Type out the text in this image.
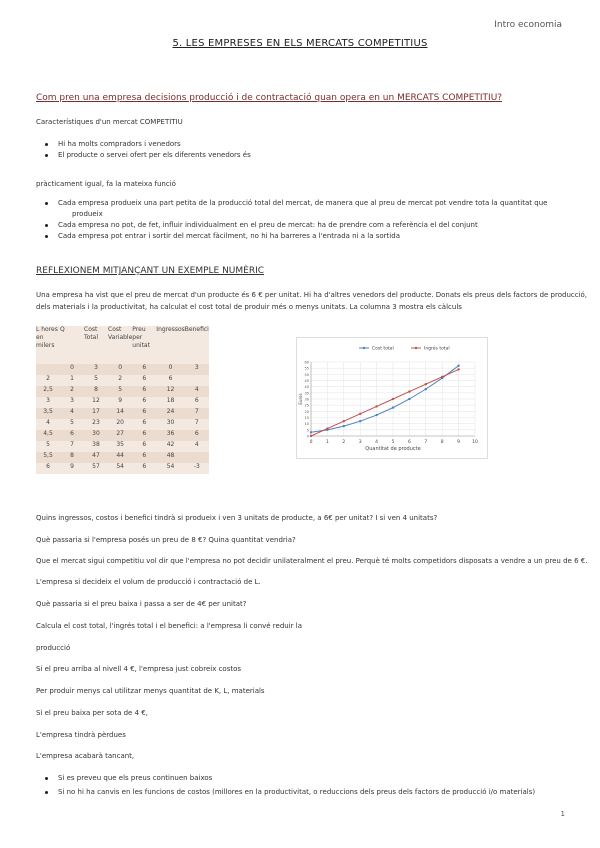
Intro economia
5. LES EMPRESES EN ELS MERCATS COMPETITIUS
Com pren una empresa decisions producció i de contractació quan opera en un MERCATS COMPETITIU?
Característiques d'un mercat COMPETITIU
Hi ha molts compradors i venedors
El producte o servei ofert per els diferents venedors és
pràcticament igual, fa la mateixa funció
Cada empresa produeix una part petita de la producció total del mercat, de manera que al preu de mercat pot vendre tota la quantitat que
produeix
Cada empresa no pot, de fet, influir individualment en el preu de mercat: ha de prendre com a referència el del conjunt
Cada empresa pot entrar i sortir del mercat fàcilment, no hi ha barreres a l'entrada ni a la sortida
REFLEXIONEM MITJANÇANT UN EXEMPLE NUMÈRIC
Una empresa ha vist que el preu de mercat d'un producte és 6 € per unitat. Hi ha d'altres venedors del producte. Donats els preus dels factors de producció,
dels materials i la productivitat, ha calculat el cost total de produir més o menys unitats. La columna 3 mostra els càlculs
L hores en milers	Q	Cost Total	Cost Variable	Preu per unitat	Ingressos	Benefici
	0	3	0	6	0	3
2	1	5	2	6	6	
2,5	2	8	5	6	12	4
3	3	12	9	6	18	6
3,5	4	17	14	6	24	7
4	5	23	20	6	30	7
4,5	6	30	27	6	36	6
5	7	38	35	6	42	4
5,5	8	47	44	6	48	
6	9	57	54	6	54	-3
0
5
10
15
20
25
30
35
40
45
50
55
60
0	1	2	3	4	5	6	7	8	9	10
Quantitat de producte
Euros
Cost total	Ingrés total
Quins ingressos, costos i benefici tindrà si produeix i ven 3 unitats de producte, a 6€ per unitat? I si ven 4 unitats?
Què passaria si l'empresa posés un preu de 8 €? Quina quantitat vendria?
Que el mercat sigui competitiu vol dir que l'empresa no pot decidir unilateralment el preu. Perquè té molts competidors disposats a vendre a un preu de 6 €.
L'empresa si decideix el volum de producció i contractació de L.
Què passaria si el preu baixa i passa a ser de 4€ per unitat?
Calcula el cost total, l'ingrés total i el benefici: a l'empresa li convé reduir la
producció
Si el preu arriba al nivell 4 €, l'empresa just cobreix costos
Per produir menys cal utilitzar menys quantitat de K, L, materials
Si el preu baixa per sota de 4 €,
L'empresa tindrà pèrdues
L'empresa acabarà tancant,
Si es preveu que els preus continuen baixos
Si no hi ha canvis en les funcions de costos (millores en la productivitat, o reduccions dels preus dels factors de producció i/o materials)
1
